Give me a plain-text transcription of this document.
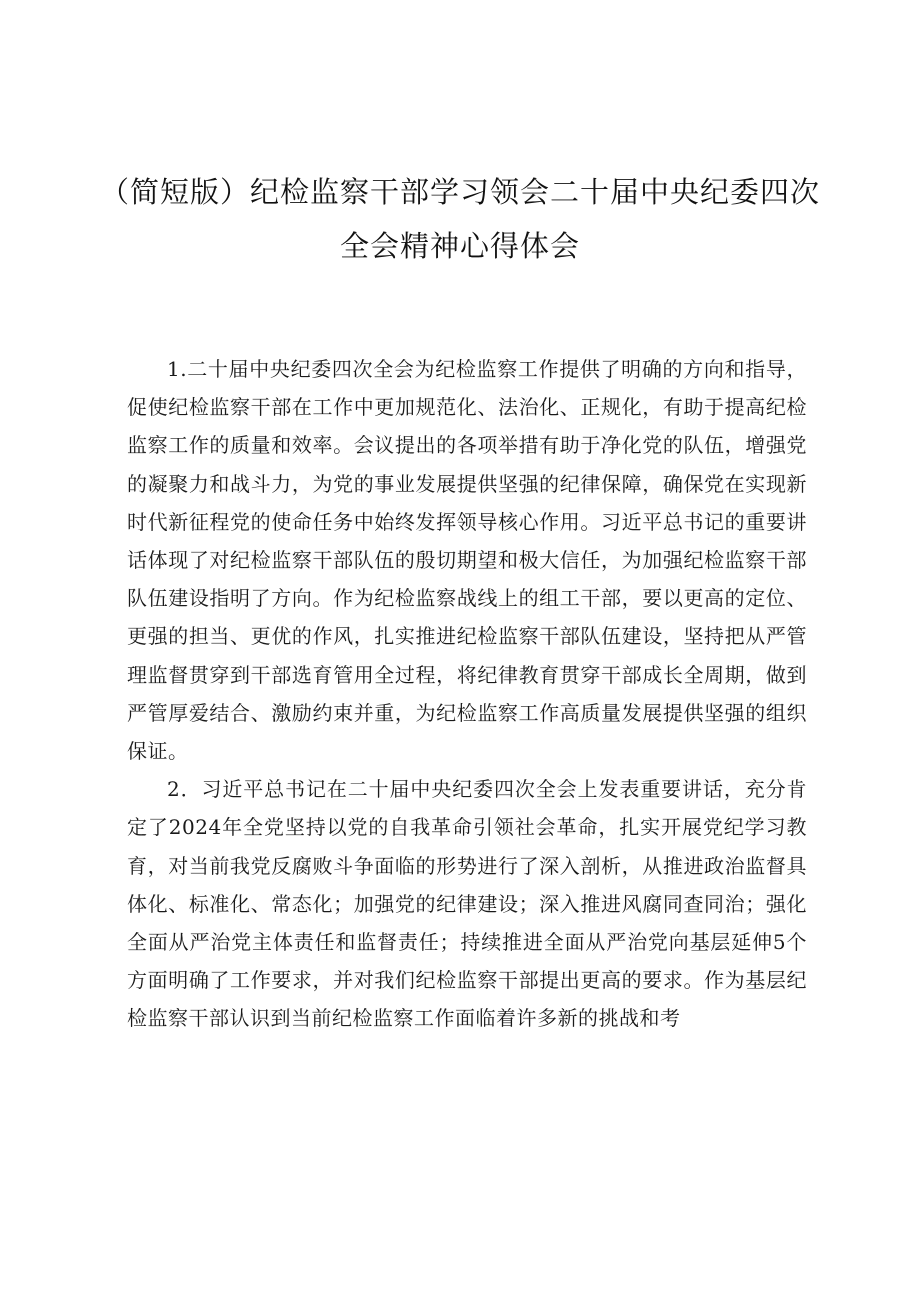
（简短版）纪检监察干部学习领会二十届中央纪委四次
全会精神心得体会

1.二十届中央纪委四次全会为纪检监察工作提供了明确的方向和指导，促使纪检监察干部在工作中更加规范化、法治化、正规化，有助于提高纪检监察工作的质量和效率。会议提出的各项举措有助于净化党的队伍，增强党的凝聚力和战斗力，为党的事业发展提供坚强的纪律保障，确保党在实现新时代新征程党的使命任务中始终发挥领导核心作用。习近平总书记的重要讲话体现了对纪检监察干部队伍的殷切期望和极大信任，为加强纪检监察干部队伍建设指明了方向。作为纪检监察战线上的组工干部，要以更高的定位、更强的担当、更优的作风，扎实推进纪检监察干部队伍建设，坚持把从严管理监督贯穿到干部选育管用全过程，将纪律教育贯穿干部成长全周期，做到严管厚爱结合、激励约束并重，为纪检监察工作高质量发展提供坚强的组织保证。

2．习近平总书记在二十届中央纪委四次全会上发表重要讲话，充分肯定了2024年全党坚持以党的自我革命引领社会革命，扎实开展党纪学习教育，对当前我党反腐败斗争面临的形势进行了深入剖析，从推进政治监督具体化、标准化、常态化；加强党的纪律建设；深入推进风腐同查同治；强化全面从严治党主体责任和监督责任；持续推进全面从严治党向基层延伸5个方面明确了工作要求，并对我们纪检监察干部提出更高的要求。作为基层纪检监察干部认识到当前纪检监察工作面临着许多新的挑战和考
